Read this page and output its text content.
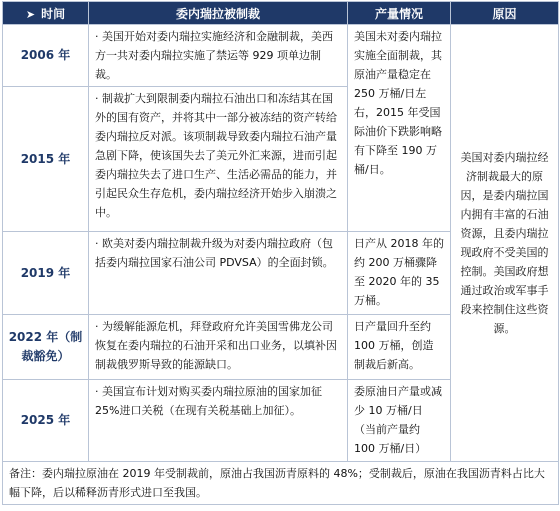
➤ 时间	委内瑞拉被制裁	产量情况	原因
2006 年	· 美国开始对委内瑞拉实施经济和金融制裁，美西方一共对委内瑞拉实施了禁运等 929 项单边制裁。	美国未对委内瑞拉实施全面制裁，其原油产量稳定在 250 万桶/日左右，2015 年受国际油价下跌影响略有下降至 190 万桶/日。	美国对委内瑞拉经济制裁最大的原因，是委内瑞拉国内拥有丰富的石油资源，且委内瑞拉现政府不受美国的控制。美国政府想通过政治或军事手段来控制住这些资源。
2015 年	· 制裁扩大到限制委内瑞拉石油出口和冻结其在国外的国有资产，并将其中一部分被冻结的资产转给委内瑞拉反对派。该项制裁导致委内瑞拉石油产量急剧下降，使该国失去了美元外汇来源，进而引起委内瑞拉失去了进口生产、生活必需品的能力，并引起民众生存危机，委内瑞拉经济开始步入崩溃之中。		
2019 年	· 欧美对委内瑞拉制裁升级为对委内瑞拉政府（包括委内瑞拉国家石油公司 PDVSA）的全面封锁。	日产从 2018 年的约 200 万桶骤降至 2020 年的 35 万桶。	
2022 年（制裁豁免）	· 为缓解能源危机，拜登政府允许美国雪佛龙公司恢复在委内瑞拉的石油开采和出口业务，以填补因制裁俄罗斯导致的能源缺口。	日产量回升至约 100 万桶，创造制裁后新高。	
2025 年	· 美国宣布计划对购买委内瑞拉原油的国家加征 25%进口关税（在现有关税基础上加征）。	委原油日产量或减少 10 万桶/日（当前产量约 100 万桶/日）	
备注：委内瑞拉原油在 2019 年受制裁前，原油占我国沥青原料的 48%；受制裁后，原油在我国沥青料占比大幅下降，后以稀释沥青形式进口至我国。			
